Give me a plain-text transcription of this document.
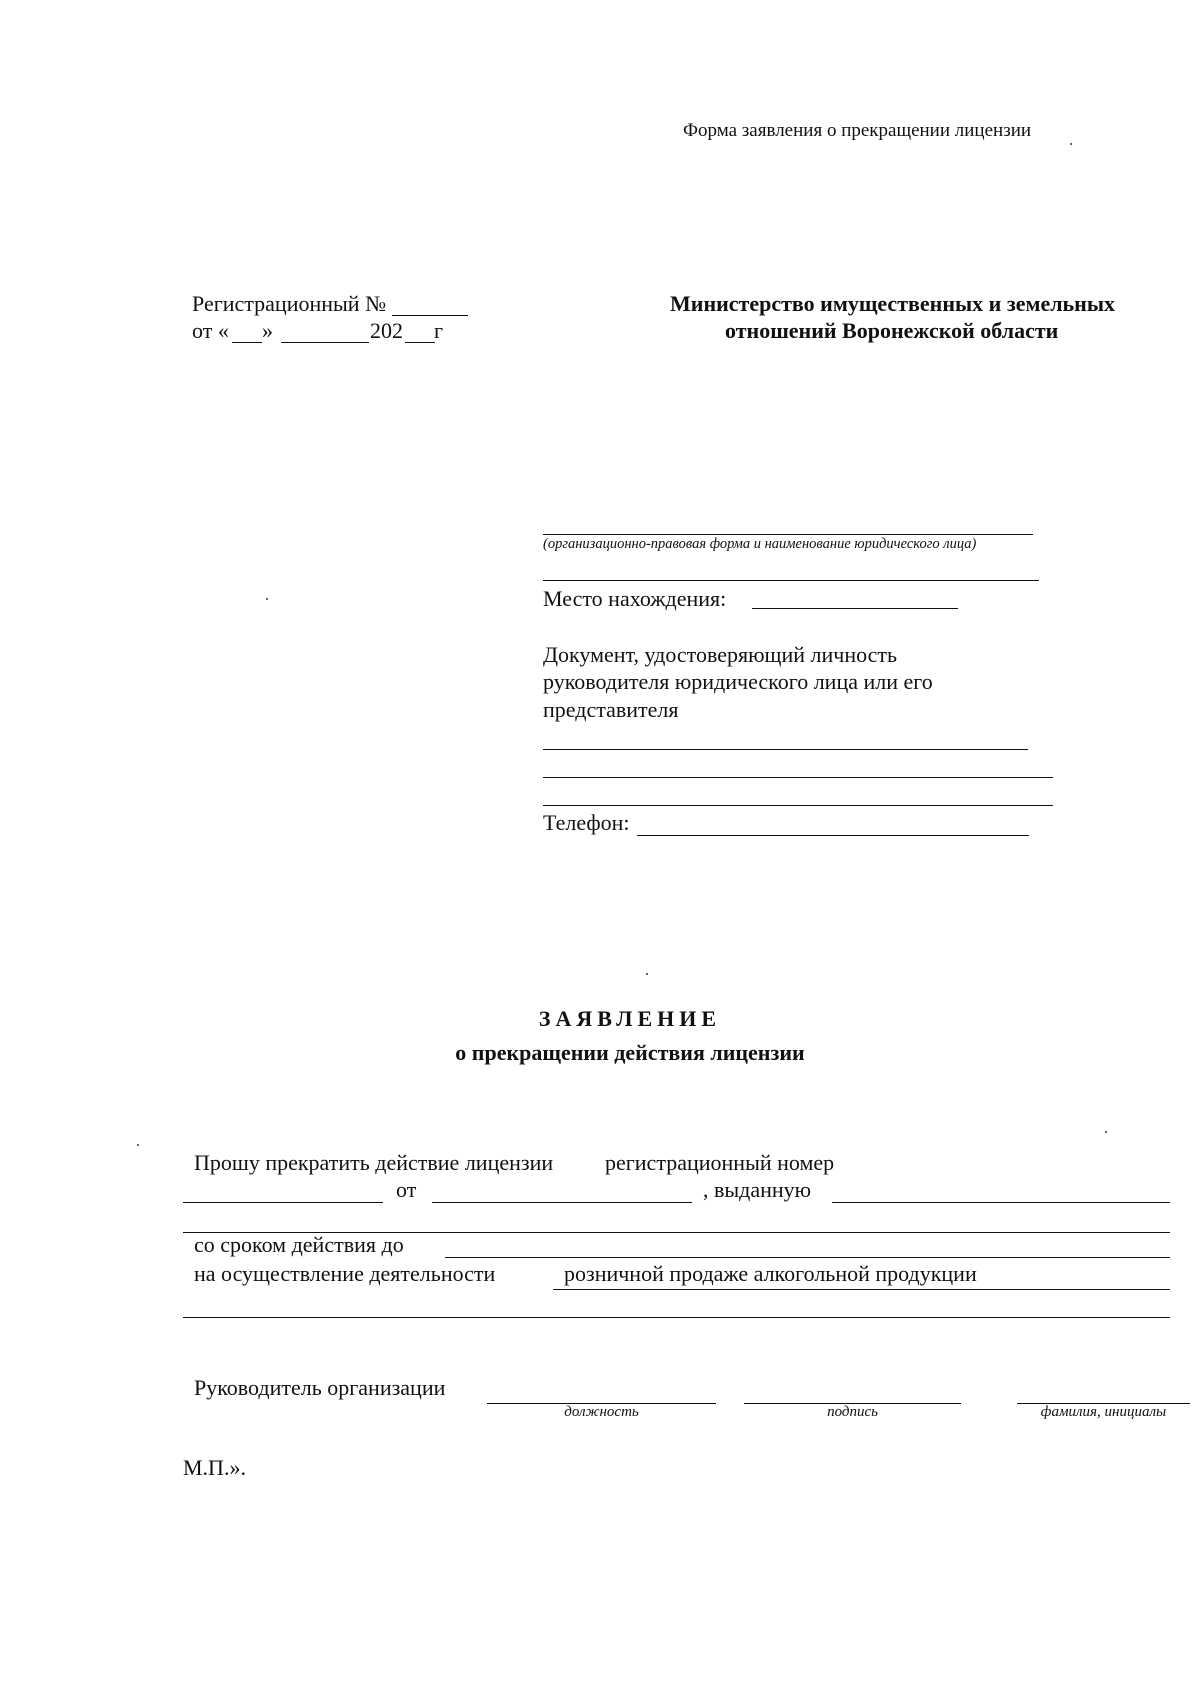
Форма заявления о прекращении лицензии
Регистрационный №
от « »	202 г
Министерство имущественных и земельных
отношений Воронежской области
(организационно-правовая форма и наименование юридического лица)
Место нахождения:
Документ, удостоверяющий личность
руководителя юридического лица или его
представителя
Телефон:
ЗАЯВЛЕНИЕ
о прекращении действия лицензии
Прошу прекратить действие лицензии регистрационный номер
от	, выданную
со сроком действия до
на осуществление деятельности	розничной продаже алкогольной продукции
Руководитель организации
должность	подпись	фамилия, инициалы
М.П.».
